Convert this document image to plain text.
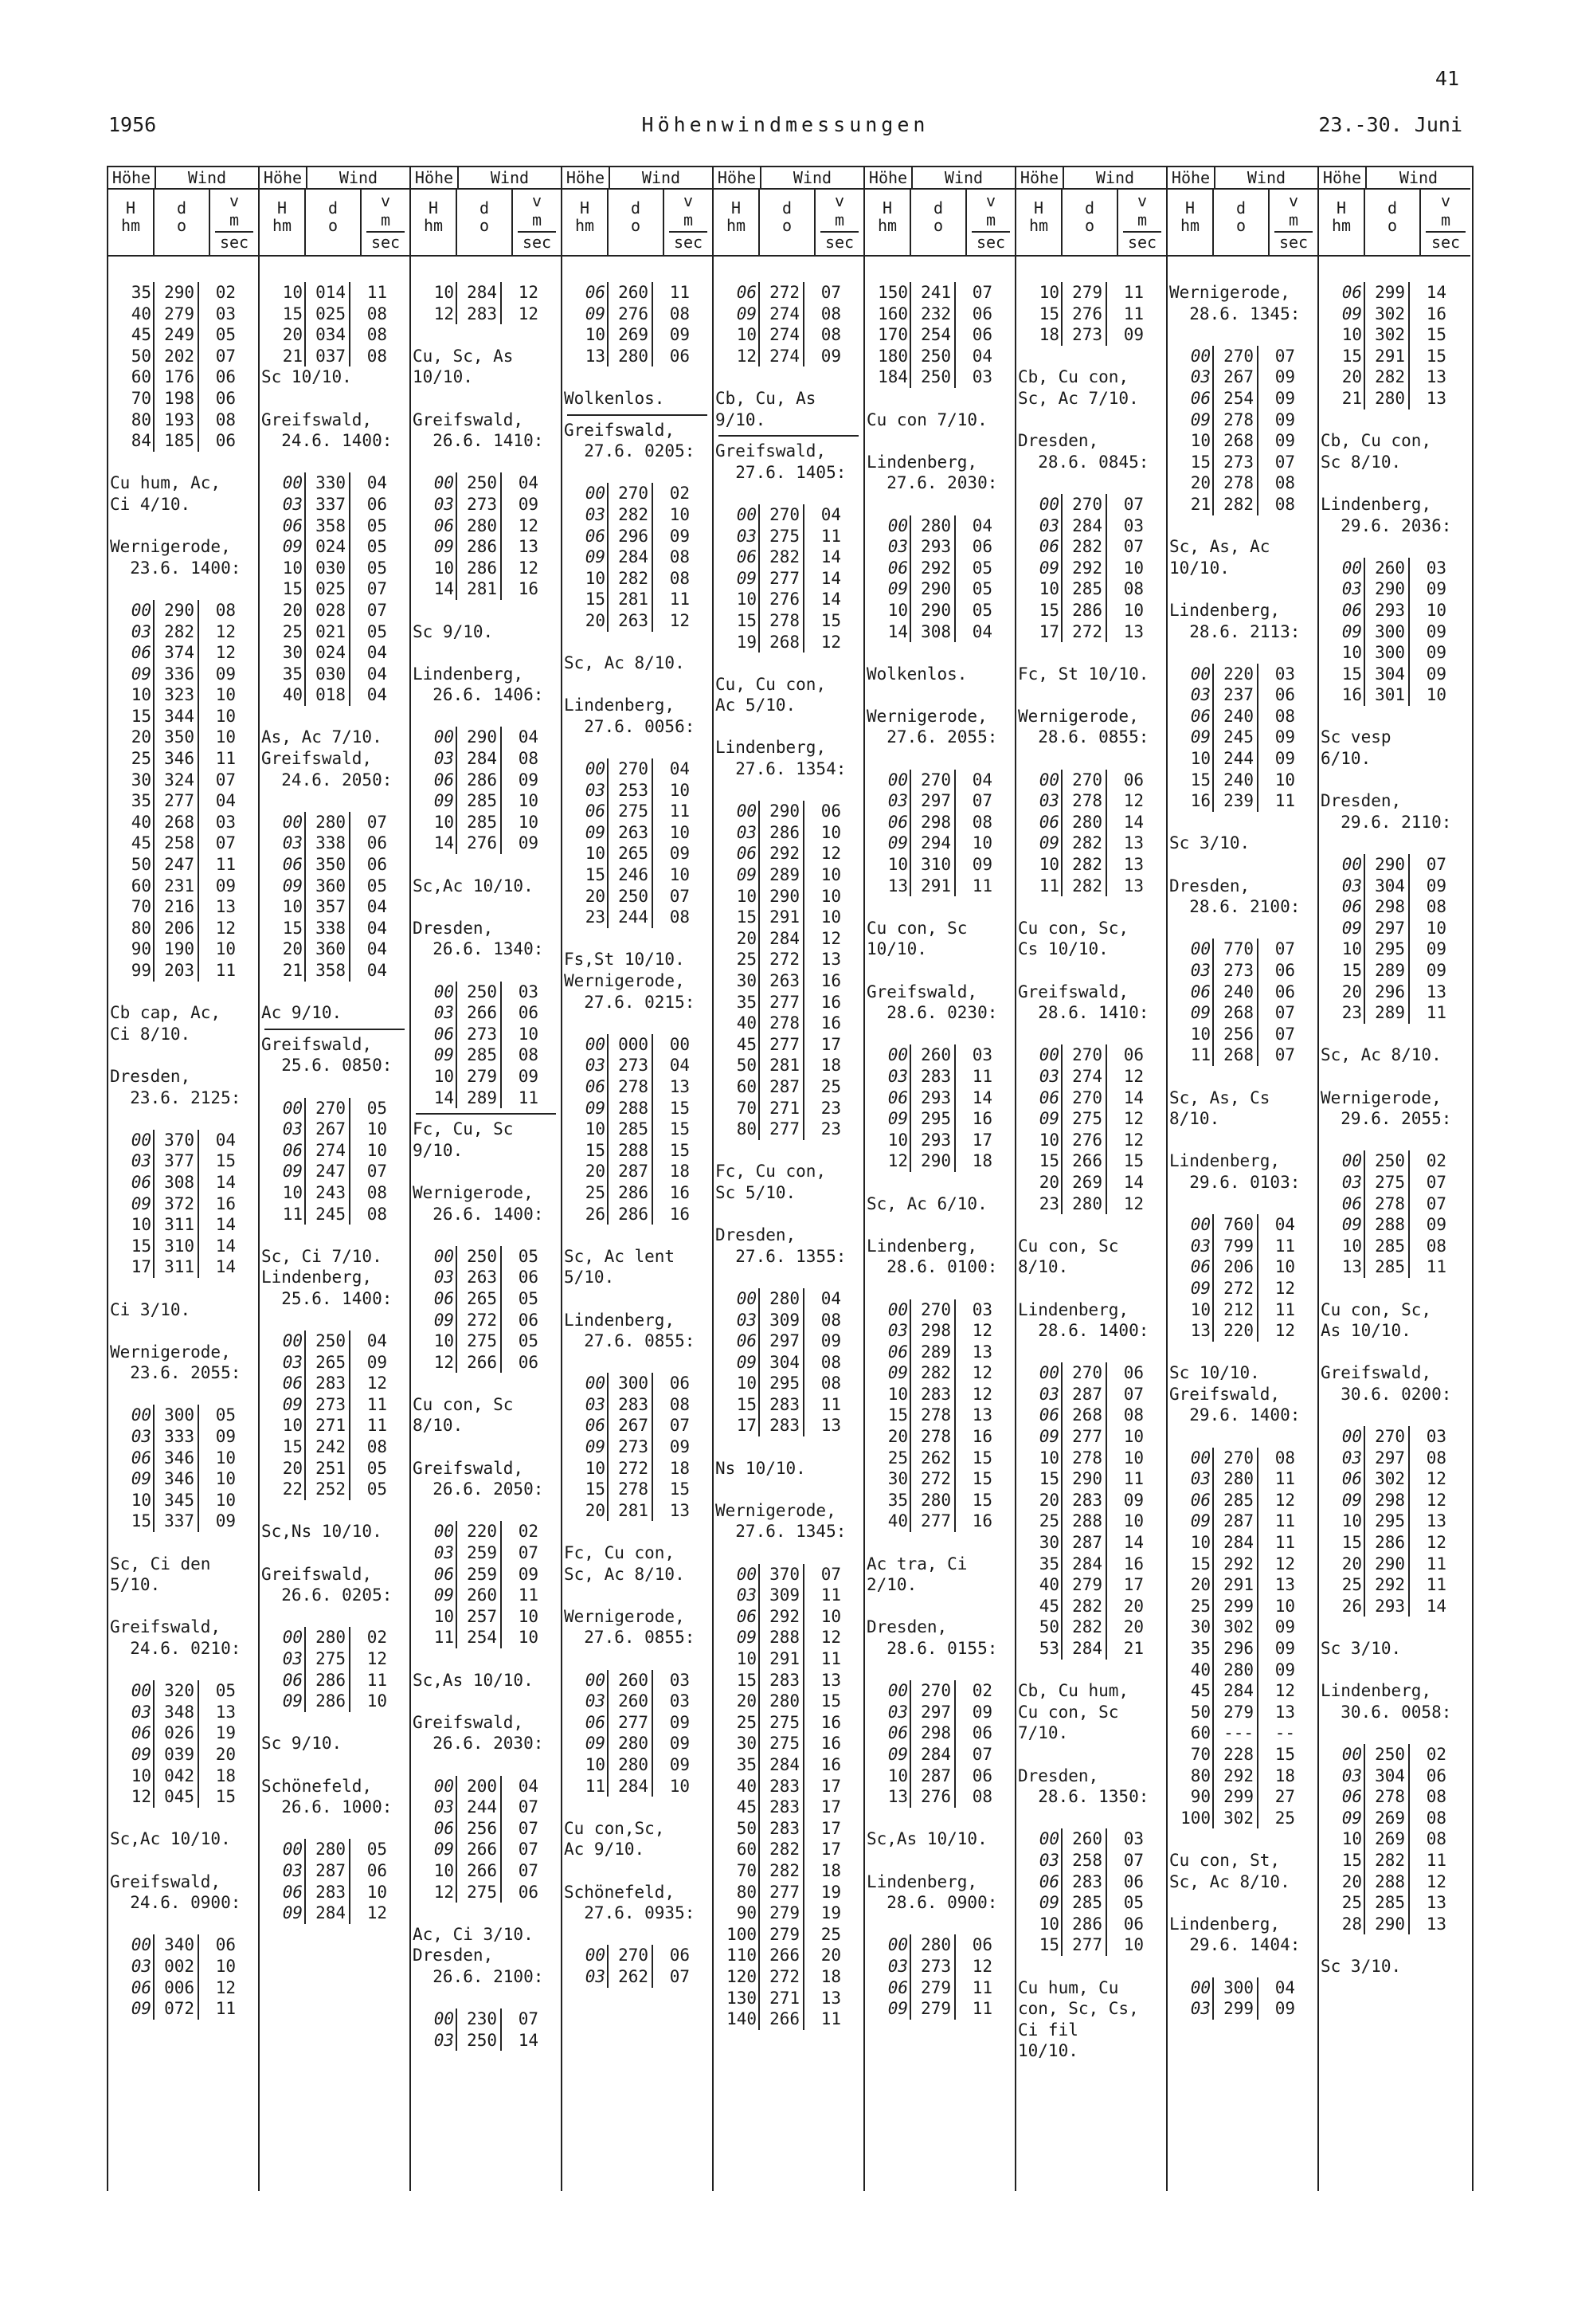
41
1956	Höhenwindmessungen	23.-30. Juni
Höhe	Wind
H
hm
d
o
v
m
sec
35 290	02
40 279	03
45 249	05
50 202	07
60 176	06
70 198	06
80 193	08
84 185	06
Cu hum, Ac,
Ci 4/10.
Wernigerode,
23.6. 1400:
00 290	08
03 282	12
06 374	12
09 336	09
10 323	10
15 344	10
20 350	10
25 346	11
30 324	07
35 277	04
40 268	03
45 258	07
50 247	11
60 231	09
70 216	13
80 206	12
90 190	10
99 203	11
Cb cap, Ac,
Ci 8/10.
Dresden,
23.6. 2125:
00 370	04
03 377	15
06 308	14
09 372	16
10 311	14
15 310	14
17 311	14
Ci 3/10.
Wernigerode,
23.6. 2055:
00 300	05
03 333	09
06 346	10
09 346	10
10 345	10
15 337	09
Sc, Ci den
5/10.
Greifswald,
24.6. 0210:
00 320	05
03 348	13
06 026	19
09 039	20
10 042	18
12 045	15
Sc,Ac 10/10.
Greifswald,
24.6. 0900:
00 340	06
03 002	10
06 006	12
09 072	11
Höhe	Wind
H
hm
d
o
v
m
sec
10 014	11
15 025	08
20 034	08
21 037	08
Sc 10/10.
Greifswald,
24.6. 1400:
00 330	04
03 337	06
06 358	05
09 024	05
10 030	05
15 025	07
20 028	07
25 021	05
30 024	04
35 030	04
40 018	04
As, Ac 7/10.
Greifswald,
24.6. 2050:
00 280	07
03 338	06
06 350	06
09 360	05
10 357	04
15 338	04
20 360	04
21 358	04
Ac 9/10.
Greifswald,
25.6. 0850:
00 270	05
03 267	10
06 274	10
09 247	07
10 243	08
11 245	08
Sc, Ci 7/10.
Lindenberg,
25.6. 1400:
00 250	04
03 265	09
06 283	12
09 273	11
10 271	11
15 242	08
20 251	05
22 252	05
Sc,Ns 10/10.
Greifswald,
26.6. 0205:
00 280	02
03 275	12
06 286	11
09 286	10
Sc 9/10.
Schönefeld,
26.6. 1000:
00 280	05
03 287	06
06 283	10
09 284	12
Höhe	Wind
H
hm
d
o
v
m
sec
10 284	12
12 283	12
Cu, Sc, As
10/10.
Greifswald,
26.6. 1410:
00 250	04
03 273	09
06 280	12
09 286	13
10 286	12
14 281	16
Sc 9/10.
Lindenberg,
26.6. 1406:
00 290	04
03 284	08
06 286	09
09 285	10
10 285	10
14 276	09
Sc,Ac 10/10.
Dresden,
26.6. 1340:
00 250	03
03 266	06
06 273	10
09 285	08
10 279	09
14 289	11
Fc, Cu, Sc
9/10.
Wernigerode,
26.6. 1400:
00 250	05
03 263	06
06 265	05
09 272	06
10 275	05
12 266	06
Cu con, Sc
8/10.
Greifswald,
26.6. 2050:
00 220	02
03 259	07
06 259	09
09 260	11
10 257	10
11 254	10
Sc,As 10/10.
Greifswald,
26.6. 2030:
00 200	04
03 244	07
06 256	07
09 266	07
10 266	07
12 275	06
Ac, Ci 3/10.
Dresden,
26.6. 2100:
00 230	07
03 250	14
Höhe	Wind
H
hm
d
o
v
m
sec
06 260	11
09 276	08
10 269	09
13 280	06
Wolkenlos.
Greifswald,
27.6. 0205:
00 270	02
03 282	10
06 296	09
09 284	08
10 282	08
15 281	11
20 263	12
Sc, Ac 8/10.
Lindenberg,
27.6. 0056:
00 270	04
03 253	10
06 275	11
09 263	10
10 265	09
15 246	10
20 250	07
23 244	08
Fs,St 10/10.
Wernigerode,
27.6. 0215:
00 000	00
03 273	04
06 278	13
09 288	15
10 285	15
15 288	15
20 287	18
25 286	16
26 286	16
Sc, Ac lent
5/10.
Lindenberg,
27.6. 0855:
00 300	06
03 283	08
06 267	07
09 273	09
10 272	18
15 278	15
20 281	13
Fc, Cu con,
Sc, Ac 8/10.
Wernigerode,
27.6. 0855:
00 260	03
03 260	03
06 277	09
09 280	09
10 280	09
11 284	10
Cu con,Sc,
Ac 9/10.
Schönefeld,
27.6. 0935:
00 270	06
03 262	07
Höhe	Wind
H
hm
d
o
v
m
sec
06 272	07
09 274	08
10 274	08
12 274	09
Cb, Cu, As
9/10.
Greifswald,
27.6. 1405:
00 270	04
03 275	11
06 282	14
09 277	14
10 276	14
15 278	15
19 268	12
Cu, Cu con,
Ac 5/10.
Lindenberg,
27.6. 1354:
00 290	06
03 286	10
06 292	12
09 289	10
10 290	10
15 291	10
20 284	12
25 272	13
30 263	16
35 277	16
40 278	16
45 277	17
50 281	18
60 287	25
70 271	23
80 277	23
Fc, Cu con,
Sc 5/10.
Dresden,
27.6. 1355:
00 280	04
03 309	08
06 297	09
09 304	08
10 295	08
15 283	11
17 283	13
Ns 10/10.
Wernigerode,
27.6. 1345:
00 370	07
03 309	11
06 292	10
09 288	12
10 291	11
15 283	13
20 280	15
25 275	16
30 275	16
35 284	16
40 283	17
45 283	17
50 283	17
60 282	17
70 282	18
80 277	19
90 279	19
100 279	25
110 266	20
120 272	18
130 271	13
140 266	11
Höhe	Wind
H
hm
d
o
v
m
sec
150 241	07
160 232	06
170 254	06
180 250	04
184 250	03
Cu con 7/10.
Lindenberg,
27.6. 2030:
00 280	04
03 293	06
06 292	05
09 290	05
10 290	05
14 308	04
Wolkenlos.
Wernigerode,
27.6. 2055:
00 270	04
03 297	07
06 298	08
09 294	10
10 310	09
13 291	11
Cu con, Sc
10/10.
Greifswald,
28.6. 0230:
00 260	03
03 283	11
06 293	14
09 295	16
10 293	17
12 290	18
Sc, Ac 6/10.
Lindenberg,
28.6. 0100:
00 270	03
03 298	12
06 289	13
09 282	12
10 283	12
15 278	13
20 278	16
25 262	15
30 272	15
35 280	15
40 277	16
Ac tra, Ci
2/10.
Dresden,
28.6. 0155:
00 270	02
03 297	09
06 298	06
09 284	07
10 287	06
13 276	08
Sc,As 10/10.
Lindenberg,
28.6. 0900:
00 280	06
03 273	12
06 279	11
09 279	11
Höhe	Wind
H
hm
d
o
v
m
sec
10 279	11
15 276	11
18 273	09
Cb, Cu con,
Sc, Ac 7/10.
Dresden,
28.6. 0845:
00 270	07
03 284	03
06 282	07
09 292	10
10 285	08
15 286	10
17 272	13
Fc, St 10/10.
Wernigerode,
28.6. 0855:
00 270	06
03 278	12
06 280	14
09 282	13
10 282	13
11 282	13
Cu con, Sc,
Cs 10/10.
Greifswald,
28.6. 1410:
00 270	06
03 274	12
06 270	14
09 275	12
10 276	12
15 266	15
20 269	14
23 280	12
Cu con, Sc
8/10.
Lindenberg,
28.6. 1400:
00 270	06
03 287	07
06 268	08
09 277	10
10 278	10
15 290	11
20 283	09
25 288	10
30 287	14
35 284	16
40 279	17
45 282	20
50 282	20
53 284	21
Cb, Cu hum,
Cu con, Sc
7/10.
Dresden,
28.6. 1350:
00 260	03
03 258	07
06 283	06
09 285	05
10 286	06
15 277	10
Cu hum, Cu
con, Sc, Cs,
Ci fil
10/10.
Höhe	Wind
H
hm
d
o
v
m
sec
Wernigerode,
28.6. 1345:
00 270	07
03 267	09
06 254	09
09 278	09
10 268	09
15 273	07
20 278	08
21 282	08
Sc, As, Ac
10/10.
Lindenberg,
28.6. 2113:
00 220	03
03 237	06
06 240	08
09 245	09
10 244	09
15 240	10
16 239	11
Sc 3/10.
Dresden,
28.6. 2100:
00 770	07
03 273	06
06 240	06
09 268	07
10 256	07
11 268	07
Sc, As, Cs
8/10.
Lindenberg,
29.6. 0103:
00 760	04
03 799	11
06 206	10
09 272	12
10 212	11
13 220	12
Sc 10/10.
Greifswald,
29.6. 1400:
00 270	08
03 280	11
06 285	12
09 287	11
10 284	11
15 292	12
20 291	13
25 299	10
30 302	09
35 296	09
40 280	09
45 284	12
50 279	13
60 ---	--
70 228	15
80 292	18
90 299	27
100 302	25
Cu con, St,
Sc, Ac 8/10.
Lindenberg,
29.6. 1404:
00 300	04
03 299	09
Höhe	Wind
H
hm
d
o
v
m
sec
06 299	14
09 302	16
10 302	15
15 291	15
20 282	13
21 280	13
Cb, Cu con,
Sc 8/10.
Lindenberg,
29.6. 2036:
00 260	03
03 290	09
06 293	10
09 300	09
10 300	09
15 304	09
16 301	10
Sc vesp
6/10.
Dresden,
29.6. 2110:
00 290	07
03 304	09
06 298	08
09 297	10
10 295	09
15 289	09
20 296	13
23 289	11
Sc, Ac 8/10.
Wernigerode,
29.6. 2055:
00 250	02
03 275	07
06 278	07
09 288	09
10 285	08
13 285	11
Cu con, Sc,
As 10/10.
Greifswald,
30.6. 0200:
00 270	03
03 297	08
06 302	12
09 298	12
10 295	13
15 286	12
20 290	11
25 292	11
26 293	14
Sc 3/10.
Lindenberg,
30.6. 0058:
00 250	02
03 304	06
06 278	08
09 269	08
10 269	08
15 282	11
20 288	12
25 285	13
28 290	13
Sc 3/10.
